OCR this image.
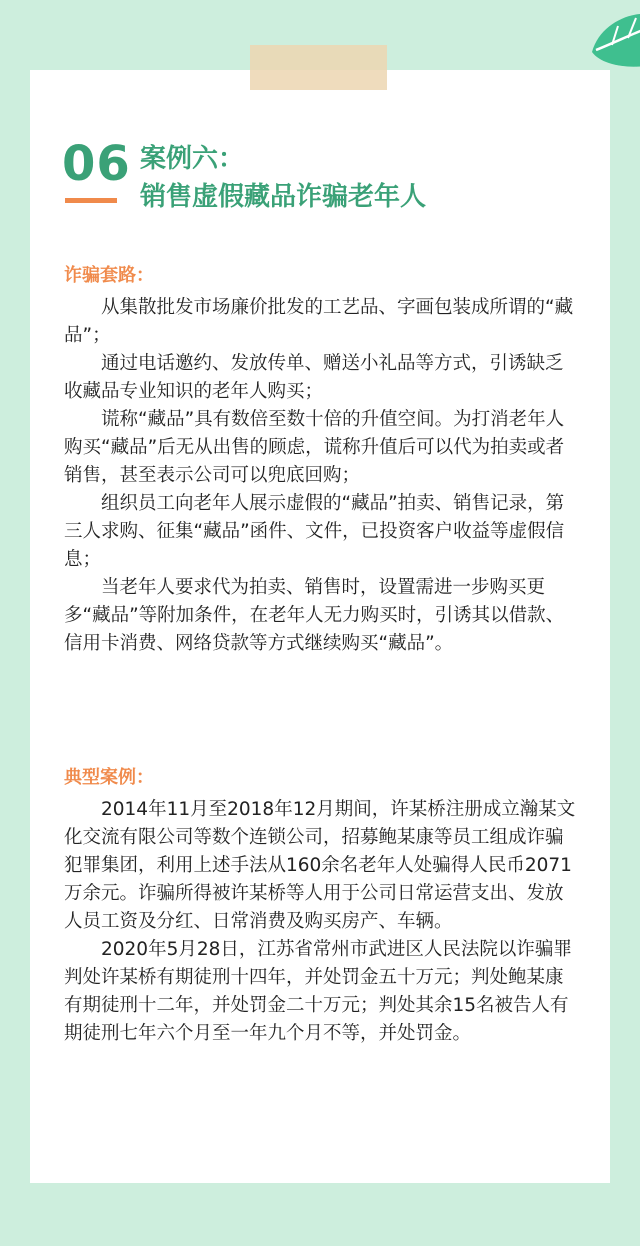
06 案例六：
销售虚假藏品诈骗老年人
诈骗套路：

从集散批发市场廉价批发的工艺品、字画包装成所谓的“藏品”；

通过电话邀约、发放传单、赠送小礼品等方式，引诱缺乏收藏品专业知识的老年人购买；

谎称“藏品”具有数倍至数十倍的升值空间。为打消老年人购买“藏品”后无从出售的顾虑，谎称升值后可以代为拍卖或者销售，甚至表示公司可以兜底回购；

组织员工向老年人展示虚假的“藏品”拍卖、销售记录，第三人求购、征集“藏品”函件、文件，已投资客户收益等虚假信息；

当老年人要求代为拍卖、销售时，设置需进一步购买更多“藏品”等附加条件，在老年人无力购买时，引诱其以借款、信用卡消费、网络贷款等方式继续购买“藏品”。

典型案例：

2014年11月至2018年12月期间，许某桥注册成立瀚某文化交流有限公司等数个连锁公司，招募鲍某康等员工组成诈骗犯罪集团，利用上述手法从160余名老年人处骗得人民币2071万余元。诈骗所得被许某桥等人用于公司日常运营支出、发放人员工资及分红、日常消费及购买房产、车辆。

2020年5月28日，江苏省常州市武进区人民法院以诈骗罪判处许某桥有期徒刑十四年，并处罚金五十万元；判处鲍某康有期徒刑十二年，并处罚金二十万元；判处其余15名被告人有期徒刑七年六个月至一年九个月不等，并处罚金。
